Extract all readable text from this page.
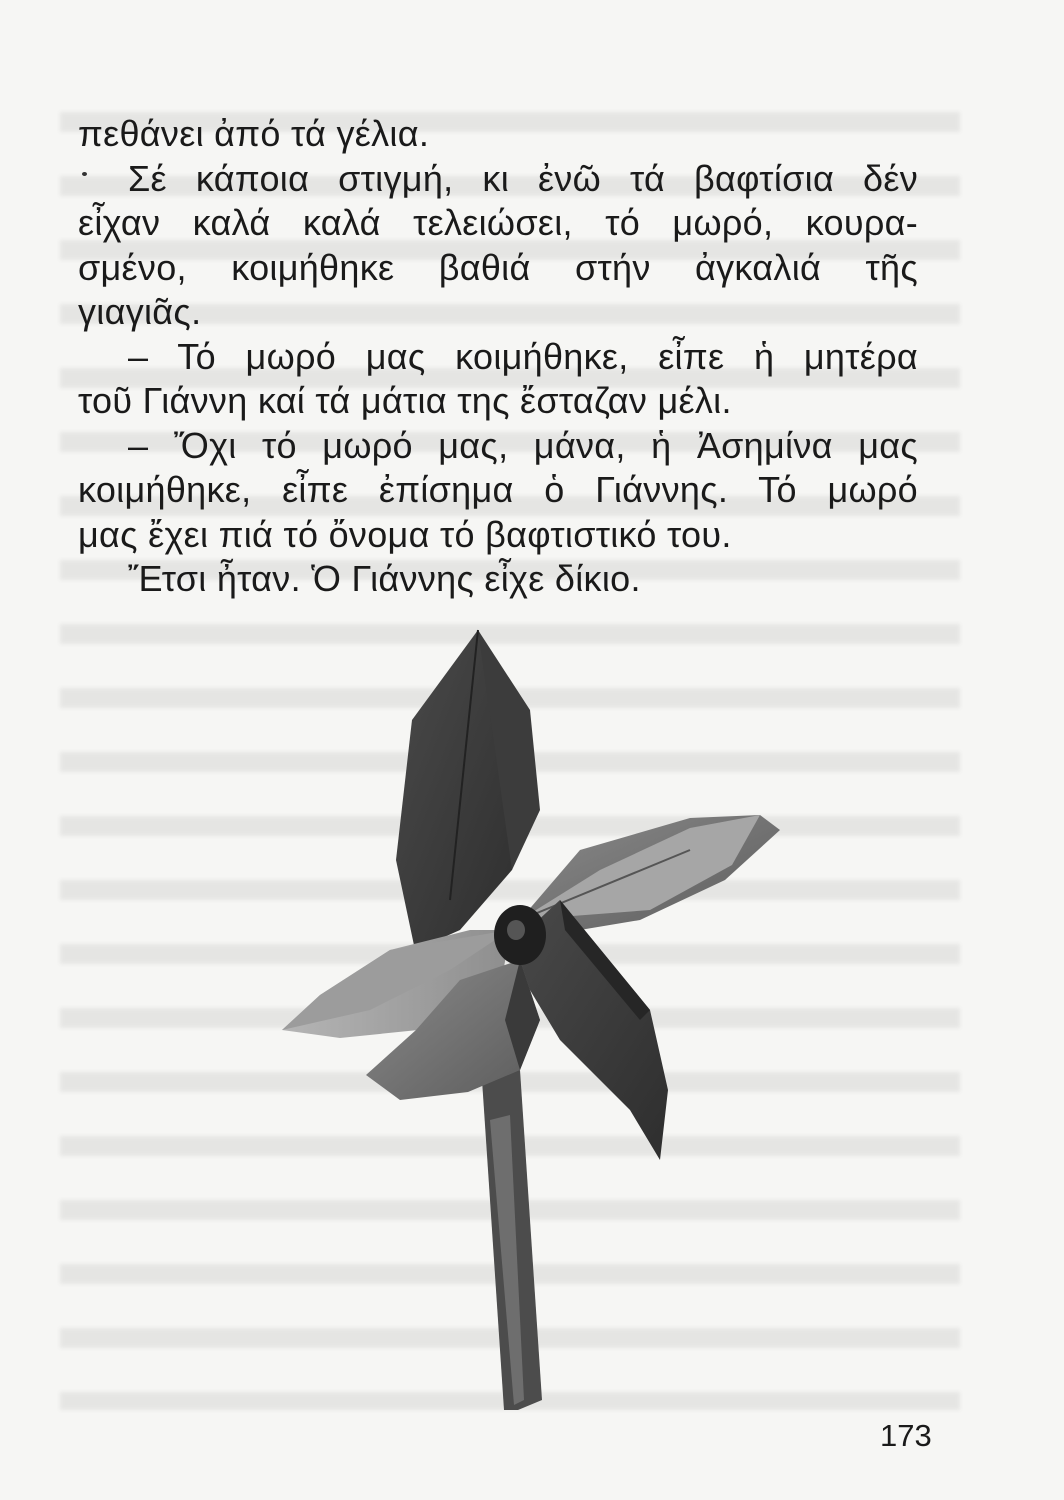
πεθάνει ἀπό τά γέλια.
Σέ κάποια στιγμή, κι ἐνῶ τά βαφτίσια δέν
εἶχαν καλά καλά τελειώσει, τό μωρό, κουρα-
σμένο, κοιμήθηκε βαθιά στήν ἀγκαλιά τῆς
γιαγιᾶς.
– Τό μωρό μας κοιμήθηκε, εἶπε ἡ μητέρα
τοῦ Γιάννη καί τά μάτια της ἔσταζαν μέλι.
– Ὄχι τό μωρό μας, μάνα, ἡ Ἀσημίνα μας
κοιμήθηκε, εἶπε ἐπίσημα ὁ Γιάννης. Τό μωρό
μας ἔχει πιά τό ὄνομα τό βαφτιστικό του.
Ἔτσι ἦταν. Ὁ Γιάννης εἶχε δίκιο.
173
